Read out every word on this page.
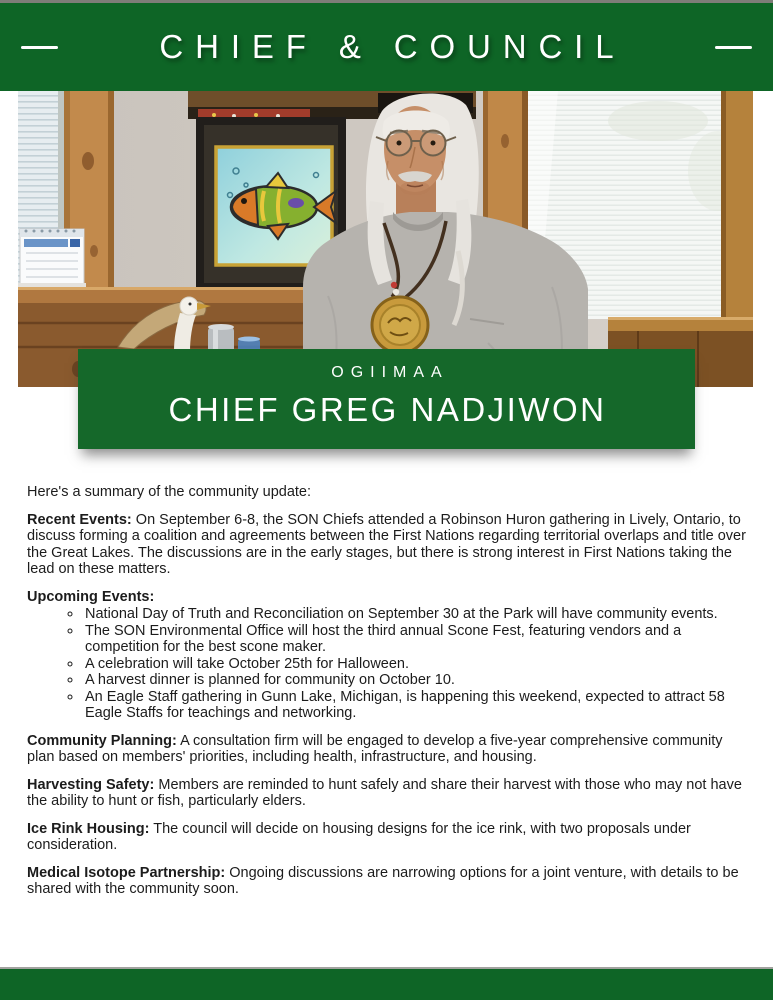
CHIEF & COUNCIL

OGIIMAA

CHIEF GREG NADJIWON

Here's a summary of the community update:

Recent Events: On September 6-8, the SON Chiefs attended a Robinson Huron gathering in Lively, Ontario, to discuss forming a coalition and agreements between the First Nations regarding territorial overlaps and title over the Great Lakes. The discussions are in the early stages, but there is strong interest in First Nations taking the lead on these matters.

Upcoming Events:

◦ National Day of Truth and Reconciliation on September 30 at the Park will have community events.
◦ The SON Environmental Office will host the third annual Scone Fest, featuring vendors and a competition for the best scone maker.
◦ A celebration will take October 25th for Halloween.
◦ A harvest dinner is planned for community on October 10.
◦ An Eagle Staff gathering in Gunn Lake, Michigan, is happening this weekend, expected to attract 58 Eagle Staffs for teachings and networking.

Community Planning: A consultation firm will be engaged to develop a five-year comprehensive community plan based on members' priorities, including health, infrastructure, and housing.

Harvesting Safety: Members are reminded to hunt safely and share their harvest with those who may not have the ability to hunt or fish, particularly elders.

Ice Rink Housing: The council will decide on housing designs for the ice rink, with two proposals under consideration.

Medical Isotope Partnership: Ongoing discussions are narrowing options for a joint venture, with details to be shared with the community soon.
